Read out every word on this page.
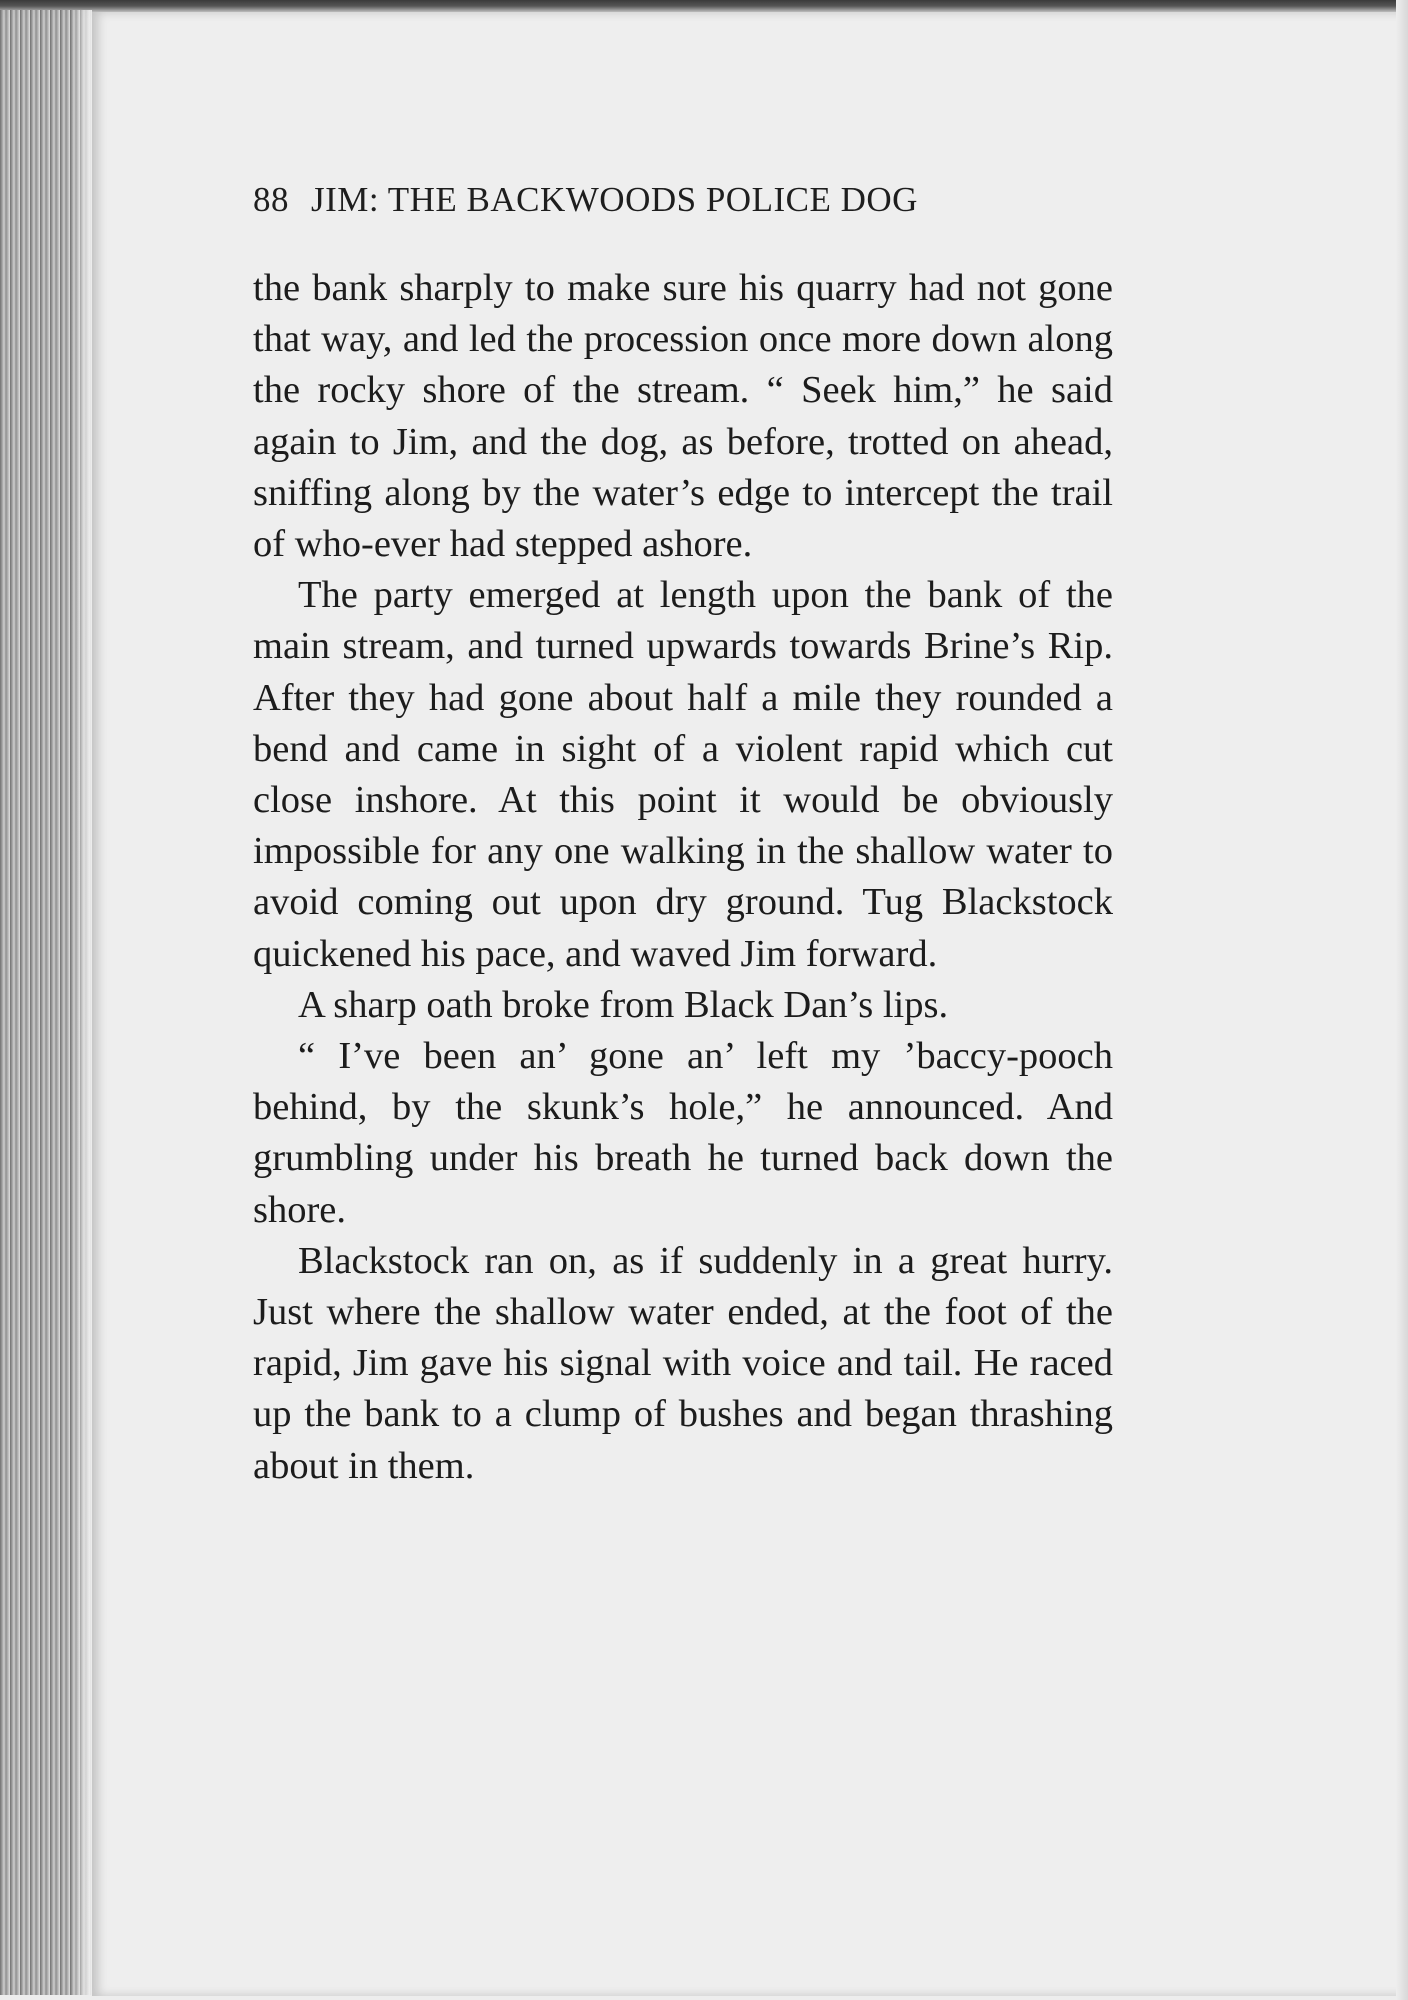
88 JIM: THE BACKWOODS POLICE DOG

the bank sharply to make sure his quarry had not gone that way, and led the procession once more down along the rocky shore of the stream. “ Seek him,” he said again to Jim, and the dog, as before, trotted on ahead, sniffing along by the water’s edge to intercept the trail of who-ever had stepped ashore.

The party emerged at length upon the bank of the main stream, and turned upwards towards Brine’s Rip. After they had gone about half a mile they rounded a bend and came in sight of a violent rapid which cut close inshore. At this point it would be obviously impossible for any one walking in the shallow water to avoid coming out upon dry ground. Tug Blackstock quickened his pace, and waved Jim forward.

A sharp oath broke from Black Dan’s lips.

“ I’ve been an’ gone an’ left my ’baccy-pooch behind, by the skunk’s hole,” he announced. And grumbling under his breath he turned back down the shore.

Blackstock ran on, as if suddenly in a great hurry. Just where the shallow water ended, at the foot of the rapid, Jim gave his signal with voice and tail. He raced up the bank to a clump of bushes and began thrashing about in them.
